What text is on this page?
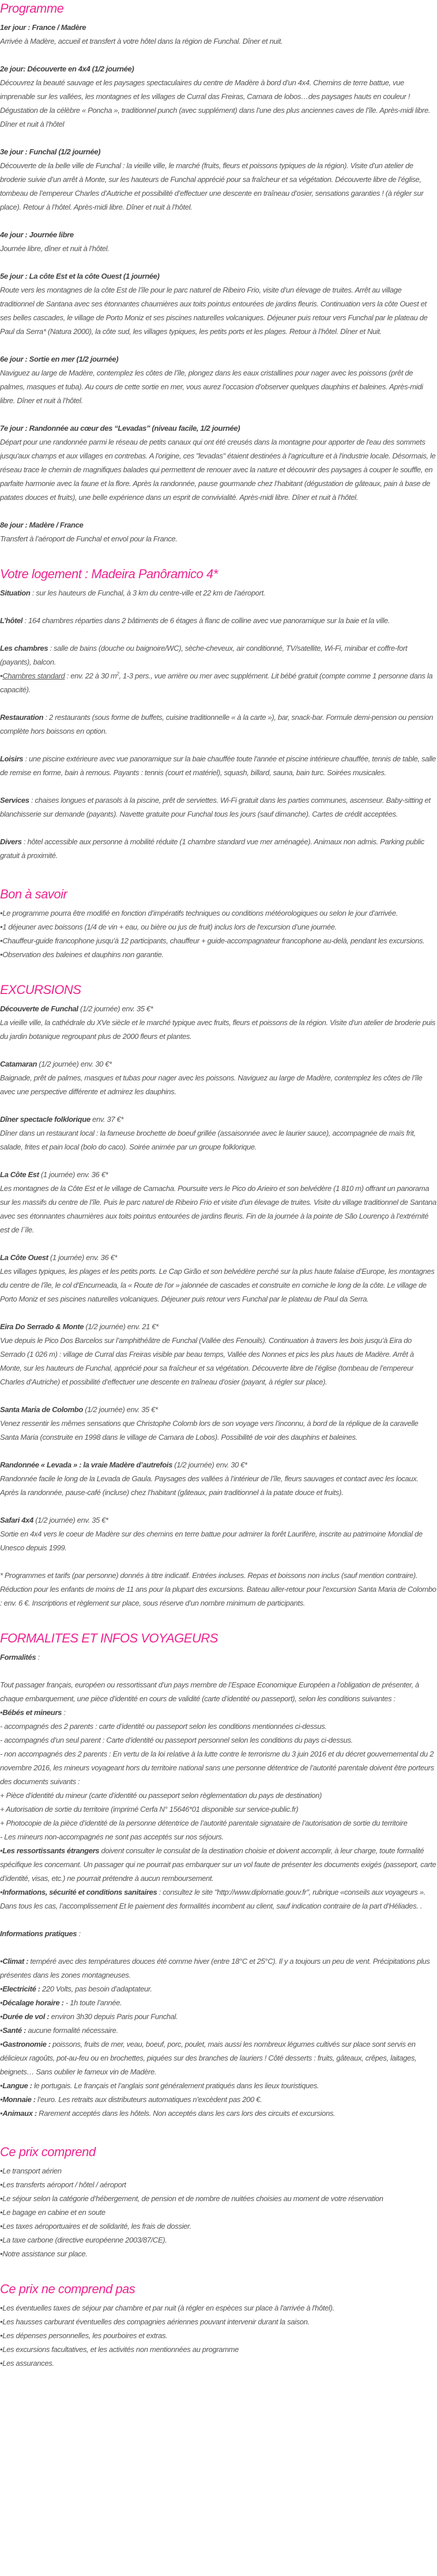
Programme

1er jour : France / Madère

Arrivée à Madère, accueil et transfert à votre hôtel dans la région de Funchal. Dîner et nuit.

2e jour: Découverte en 4x4 (1/2 journée)

Découvrez la beauté sauvage et les paysages spectaculaires du centre de Madère à bord d’un 4x4. Chemins de terre battue, vue imprenable sur les vallées, les montagnes et les villages de Curral das Freiras, Camara de lobos…des paysages hauts en couleur ! Dégustation de la célèbre « Poncha », traditionnel punch (avec supplément) dans l’une des plus anciennes caves de l’île. Après-midi libre. Dîner et nuit à l’hôtel

3e jour : Funchal (1/2 journée)

Découverte de la belle ville de Funchal : la vieille ville, le marché (fruits, fleurs et poissons typiques de la région). Visite d’un atelier de broderie suivie d’un arrêt à Monte, sur les hauteurs de Funchal apprécié pour sa fraîcheur et sa végétation. Découverte libre de l’église, tombeau de l’empereur Charles d’Autriche et possibilité d’effectuer une descente en traîneau d’osier, sensations garanties ! (à régler sur place). Retour à l’hôtel. Après-midi libre. Dîner et nuit à l’hôtel.

4e jour : Journée libre

Journée libre, dîner et nuit à l’hôtel.

5e jour : La côte Est et la côte Ouest (1 journée)

Route vers les montagnes de la côte Est de l’île pour le parc naturel de Ribeiro Frio, visite d’un élevage de truites. Arrêt au village traditionnel de Santana avec ses étonnantes chaumières aux toits pointus entourées de jardins fleuris. Continuation vers la côte Ouest et ses belles cascades, le village de Porto Moniz et ses piscines naturelles volcaniques. Déjeuner puis retour vers Funchal par le plateau de Paul da Serra* (Natura 2000), la côte sud, les villages typiques, les petits ports et les plages. Retour à l’hôtel. Dîner et Nuit.

6e jour : Sortie en mer (1/2 journée)

Naviguez au large de Madère, contemplez les côtes de l’île, plongez dans les eaux cristallines pour nager avec les poissons (prêt de palmes, masques et tuba). Au cours de cette sortie en mer, vous aurez l’occasion d’observer quelques dauphins et baleines. Après-midi libre. Dîner et nuit à l’hôtel.

7e jour : Randonnée au cœur des “Levadas” (niveau facile, 1/2 journée)

Départ pour une randonnée parmi le réseau de petits canaux qui ont été creusés dans la montagne pour apporter de l'eau des sommets jusqu'aux champs et aux villages en contrebas. A l'origine, ces "levadas" étaient destinées à l'agriculture et à l'industrie locale. Désormais, le réseau trace le chemin de magnifiques balades qui permettent de renouer avec la nature et découvrir des paysages à couper le souffle, en parfaite harmonie avec la faune et la flore. Après la randonnée, pause gourmande chez l’habitant (dégustation de gâteaux, pain à base de patates douces et fruits), une belle expérience dans un esprit de convivialité. Après-midi libre. Dîner et nuit à l’hôtel.

8e jour : Madère / France

Transfert à l’aéroport de Funchal et envol pour la France.

Votre logement : Madeira Panôramico 4*

Situation : sur les hauteurs de Funchal, à 3 km du centre-ville et 22 km de l’aéroport.

L’hôtel : 164 chambres réparties dans 2 bâtiments de 6 étages à flanc de colline avec vue panoramique sur la baie et la ville.

Les chambres : salle de bains (douche ou baignoire/WC), sèche-cheveux, air conditionné, TV/satellite, Wi-Fi, minibar et coffre-fort (payants), balcon.

• Chambres standard : env. 22 à 30 $m^2$, 1-3 pers., vue arrière ou mer avec supplément. Lit bébé gratuit (compte comme 1 personne dans la capacité).

Restauration : 2 restaurants (sous forme de buffets, cuisine traditionnelle « à la carte »), bar, snack-bar. Formule demi-pension ou pension complète hors boissons en option.

Loisirs : une piscine extérieure avec vue panoramique sur la baie chauffée toute l'année et piscine intérieure chauffée, tennis de table, salle de remise en forme, bain à remous. Payants : tennis (court et matériel), squash, billard, sauna, bain turc. Soirées musicales.

Services : chaises longues et parasols à la piscine, prêt de serviettes. Wi-Fi gratuit dans les parties communes, ascenseur. Baby-sitting et blanchisserie sur demande (payants). Navette gratuite pour Funchal tous les jours (sauf dimanche). Cartes de crédit acceptées.

Divers : hôtel accessible aux personne à mobilité réduite (1 chambre standard vue mer aménagée). Animaux non admis. Parking public gratuit à proximité.

Bon à savoir
• Le programme pourra être modifié en fonction d’impératifs techniques ou conditions météorologiques ou selon le jour d’arrivée.
• 1 déjeuner avec boissons (1/4 de vin + eau, ou bière ou jus de fruit) inclus lors de l'excursion d’une journée.
• Chauffeur-guide francophone jusqu’à 12 participants, chauffeur + guide-accompagnateur francophone au-delà, pendant les excursions.
• Observation des baleines et dauphins non garantie.
EXCURSIONS

Découverte de Funchal (1/2 journée) env. 35 €*

La vieille ville, la cathédrale du XVe siècle et le marché typique avec fruits, fleurs et poissons de la région. Visite d’un atelier de broderie puis du jardin botanique regroupant plus de 2000 fleurs et plantes.

Catamaran (1/2 journée) env. 30 €*

Baignade, prêt de palmes, masques et tubas pour nager avec les poissons. Naviguez au large de Madère, contemplez les côtes de l’île avec une perspective différente et admirez les dauphins.

Dîner spectacle folklorique env. 37 €*

Dîner dans un restaurant local : la fameuse brochette de boeuf grillée (assaisonnée avec le laurier sauce), accompagnée de maïs frit, salade, frites et pain local (bolo do caco). Soirée animée par un groupe folklorique.

La Côte Est (1 journée) env. 36 €*

Les montagnes de la Côte Est et le village de Camacha. Poursuite vers le Pico do Arieiro et son belvédère (1 810 m) offrant un panorama sur les massifs du centre de l’île. Puis le parc naturel de Ribeiro Frio et visite d’un élevage de truites. Visite du village traditionnel de Santana avec ses étonnantes chaumières aux toits pointus entourées de jardins fleuris. Fin de la journée à la pointe de São Lourenço à l’extrémité est de l´île.

La Côte Ouest (1 journée) env. 36 €*

Les villages typiques, les plages et les petits ports. Le Cap Girão et son belvédère perché sur la plus haute falaise d’Europe, les montagnes du centre de l’île, le col d’Encumeada, la « Route de l’or » jalonnée de cascades et construite en corniche le long de la côte. Le village de Porto Moniz et ses piscines naturelles volcaniques. Déjeuner puis retour vers Funchal par le plateau de Paul da Serra.

Eira Do Serrado & Monte (1/2 journée) env. 21 €*

Vue depuis le Pico Dos Barcelos sur l’amphithéâtre de Funchal (Vallée des Fenouils). Continuation à travers les bois jusqu’à Eira do Serrado (1 026 m) : village de Curral das Freiras visible par beau temps, Vallée des Nonnes et pics les plus hauts de Madère. Arrêt à Monte, sur les hauteurs de Funchal, apprécié pour sa fraîcheur et sa végétation. Découverte libre de l’église (tombeau de l’empereur Charles d’Autriche) et possibilité d’effectuer une descente en traîneau d’osier (payant, à régler sur place).

Santa Maria de Colombo (1/2 journée) env. 35 €*

Venez ressentir les mêmes sensations que Christophe Colomb lors de son voyage vers l’inconnu, à bord de la réplique de la caravelle Santa Maria (construite en 1998 dans le village de Camara de Lobos). Possibilité de voir des dauphins et baleines.

Randonnée « Levada » : la vraie Madère d’autrefois (1/2 journée) env. 30 €*

Randonnée facile le long de la Levada de Gaula. Paysages des vallées à l’intérieur de l’île, fleurs sauvages et contact avec les locaux. Après la randonnée, pause-café (incluse) chez l’habitant (gâteaux, pain traditionnel à la patate douce et fruits).

Safari 4x4 (1/2 journée) env. 35 €*

Sortie en 4x4 vers le coeur de Madère sur des chemins en terre battue pour admirer la forêt Laurifère, inscrite au patrimoine Mondial de Unesco depuis 1999.

* Programmes et tarifs (par personne) donnés à titre indicatif. Entrées incluses. Repas et boissons non inclus (sauf mention contraire). Réduction pour les enfants de moins de 11 ans pour la plupart des excursions. Bateau aller-retour pour l’excursion Santa Maria de Colombo : env. 6 €. Inscriptions et règlement sur place, sous réserve d’un nombre minimum de participants.

FORMALITES ET INFOS VOYAGEURS

Formalités :

Tout passager français, européen ou ressortissant d’un pays membre de l’Espace Economique Européen a l’obligation de présenter, à chaque embarquement, une pièce d’identité en cours de validité (carte d’identité ou passeport), selon les conditions suivantes :

• Bébés et mineurs :

- accompagnés des 2 parents : carte d’identité ou passeport selon les conditions mentionnées ci-dessus.

- accompagnés d’un seul parent : Carte d’identité ou passeport personnel selon les conditions du pays ci-dessus.

- non accompagnés des 2 parents : En vertu de la loi relative à la lutte contre le terrorisme du 3 juin 2016 et du décret gouvernemental du 2 novembre 2016, les mineurs voyageant hors du territoire national sans une personne détentrice de l’autorité parentale doivent être porteurs des documents suivants :

+ Pièce d’identité du mineur (carte d’identité ou passeport selon règlementation du pays de destination)

+ Autorisation de sortie du territoire (imprimé Cerfa N° 15646*01 disponible sur service-public.fr)

+ Photocopie de la pièce d’identité de la personne détentrice de l’autorité parentale signataire de l’autorisation de sortie du territoire

- Les mineurs non-accompagnés ne sont pas acceptés sur nos séjours.

• Les ressortissants étrangers doivent consulter le consulat de la destination choisie et doivent accomplir, à leur charge, toute formalité spécifique les concernant. Un passager qui ne pourrait pas embarquer sur un vol faute de présenter les documents exigés (passeport, carte d’identité, visas, etc.) ne pourrait prétendre à aucun remboursement.

• Informations, sécurité et conditions sanitaires : consultez le site "http://www.diplomatie.gouv.fr", rubrique «conseils aux voyageurs ». Dans tous les cas, l’accomplissement Et le paiement des formalités incombent au client, sauf indication contraire de la part d’Héliades. .

Informations pratiques :

• Climat : tempéré avec des températures douces été comme hiver (entre 18°C et 25°C). Il y a toujours un peu de vent. Précipitations plus présentes dans les zones montagneuses.

• Electricité : 220 Volts, pas besoin d’adaptateur.

• Décalage horaire : - 1h toute l’année.

• Durée de vol : environ 3h30 depuis Paris pour Funchal.

• Santé : aucune formalité nécessaire.

• Gastronomie : poissons, fruits de mer, veau, boeuf, porc, poulet, mais aussi les nombreux légumes cultivés sur place sont servis en délicieux ragoûts, pot-au-feu ou en brochettes, piquées sur des branches de lauriers ! Côté desserts : fruits, gâteaux, crêpes, laitages, beignets… Sans oublier le fameux vin de Madère.

• Langue : le portugais. Le français et l’anglais sont généralement pratiqués dans les lieux touristiques.

• Monnaie : l’euro. Les retraits aux distributeurs automatiques n’excèdent pas 200 €.

• Animaux : Rarement acceptés dans les hôtels. Non acceptés dans les cars lors des circuits et excursions.

Ce prix comprend
• Le transport aérien
• Les transferts aéroport / hôtel / aéroport
• Le séjour selon la catégorie d’hébergement, de pension et de nombre de nuitées choisies au moment de votre réservation
• Le bagage en cabine et en soute
• Les taxes aéroportuaires et de solidarité, les frais de dossier.
• La taxe carbone (directive européenne 2003/87/CE).
• Notre assistance sur place.
Ce prix ne comprend pas
• Les éventuelles taxes de séjour par chambre et par nuit (à régler en espèces sur place à l'arrivée à l'hôtel).
• Les hausses carburant éventuelles des compagnies aériennes pouvant intervenir durant la saison.
• Les dépenses personnelles, les pourboires et extras.
• Les excursions facultatives, et les activités non mentionnées au programme
• Les assurances.
